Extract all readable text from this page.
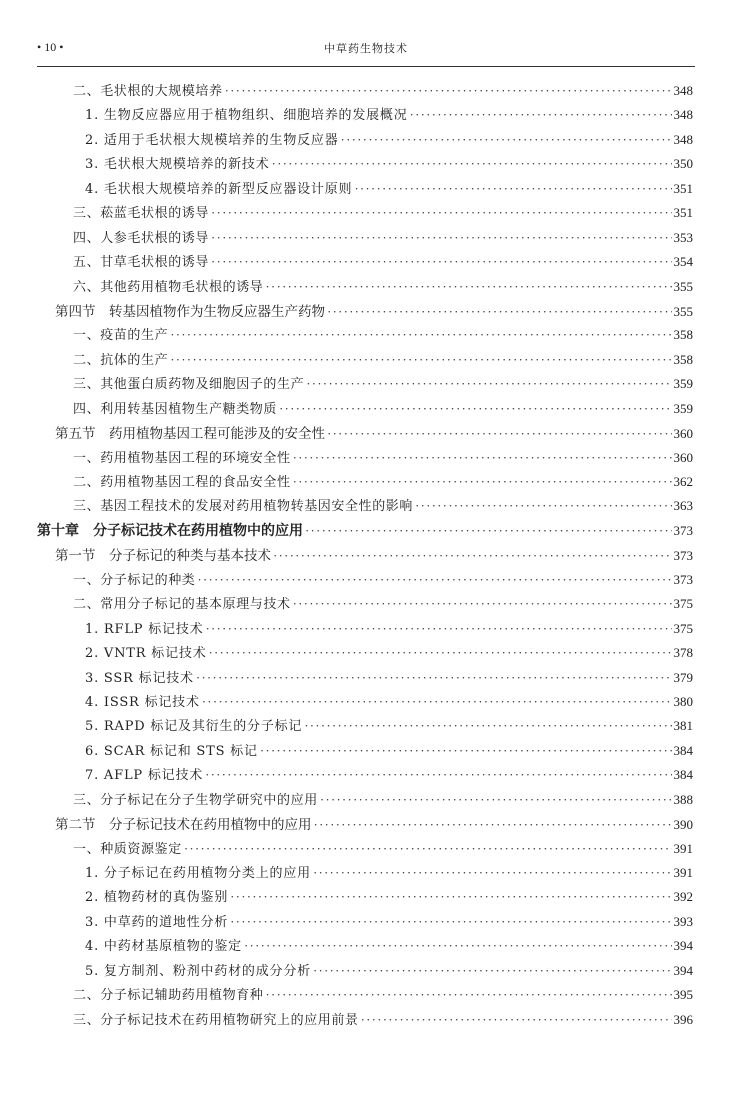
• 10 •	中草药生物技术
二、毛状根的大规模培养 ·····	348
1. 生物反应器应用于植物组织、细胞培养的发展概况 ·····	348
2. 适用于毛状根大规模培养的生物反应器 ·····	348
3. 毛状根大规模培养的新技术 ·····	350
4. 毛状根大规模培养的新型反应器设计原则 ·····	351
三、菘蓝毛状根的诱导 ·····	351
四、人参毛状根的诱导 ·····	353
五、甘草毛状根的诱导 ·····	354
六、其他药用植物毛状根的诱导 ·····	355
第四节　转基因植物作为生物反应器生产药物 ·····	355
一、疫苗的生产 ·····	358
二、抗体的生产 ·····	358
三、其他蛋白质药物及细胞因子的生产 ·····	359
四、利用转基因植物生产糖类物质 ·····	359
第五节　药用植物基因工程可能涉及的安全性 ·····	360
一、药用植物基因工程的环境安全性 ·····	360
二、药用植物基因工程的食品安全性 ·····	362
三、基因工程技术的发展对药用植物转基因安全性的影响 ·····	363
第十章　分子标记技术在药用植物中的应用 ·····	373
第一节　分子标记的种类与基本技术 ·····	373
一、分子标记的种类 ·····	373
二、常用分子标记的基本原理与技术 ·····	375
1. RFLP 标记技术 ·····	375
2. VNTR 标记技术 ·····	378
3. SSR 标记技术 ·····	379
4. ISSR 标记技术 ·····	380
5. RAPD 标记及其衍生的分子标记 ·····	381
6. SCAR 标记和 STS 标记 ·····	384
7. AFLP 标记技术 ·····	384
三、分子标记在分子生物学研究中的应用 ·····	388
第二节　分子标记技术在药用植物中的应用 ·····	390
一、种质资源鉴定 ·····	391
1. 分子标记在药用植物分类上的应用 ·····	391
2. 植物药材的真伪鉴别 ·····	392
3. 中草药的道地性分析 ·····	393
4. 中药材基原植物的鉴定 ·····	394
5. 复方制剂、粉剂中药材的成分分析 ·····	394
二、分子标记辅助药用植物育种 ·····	395
三、分子标记技术在药用植物研究上的应用前景 ·····	396
